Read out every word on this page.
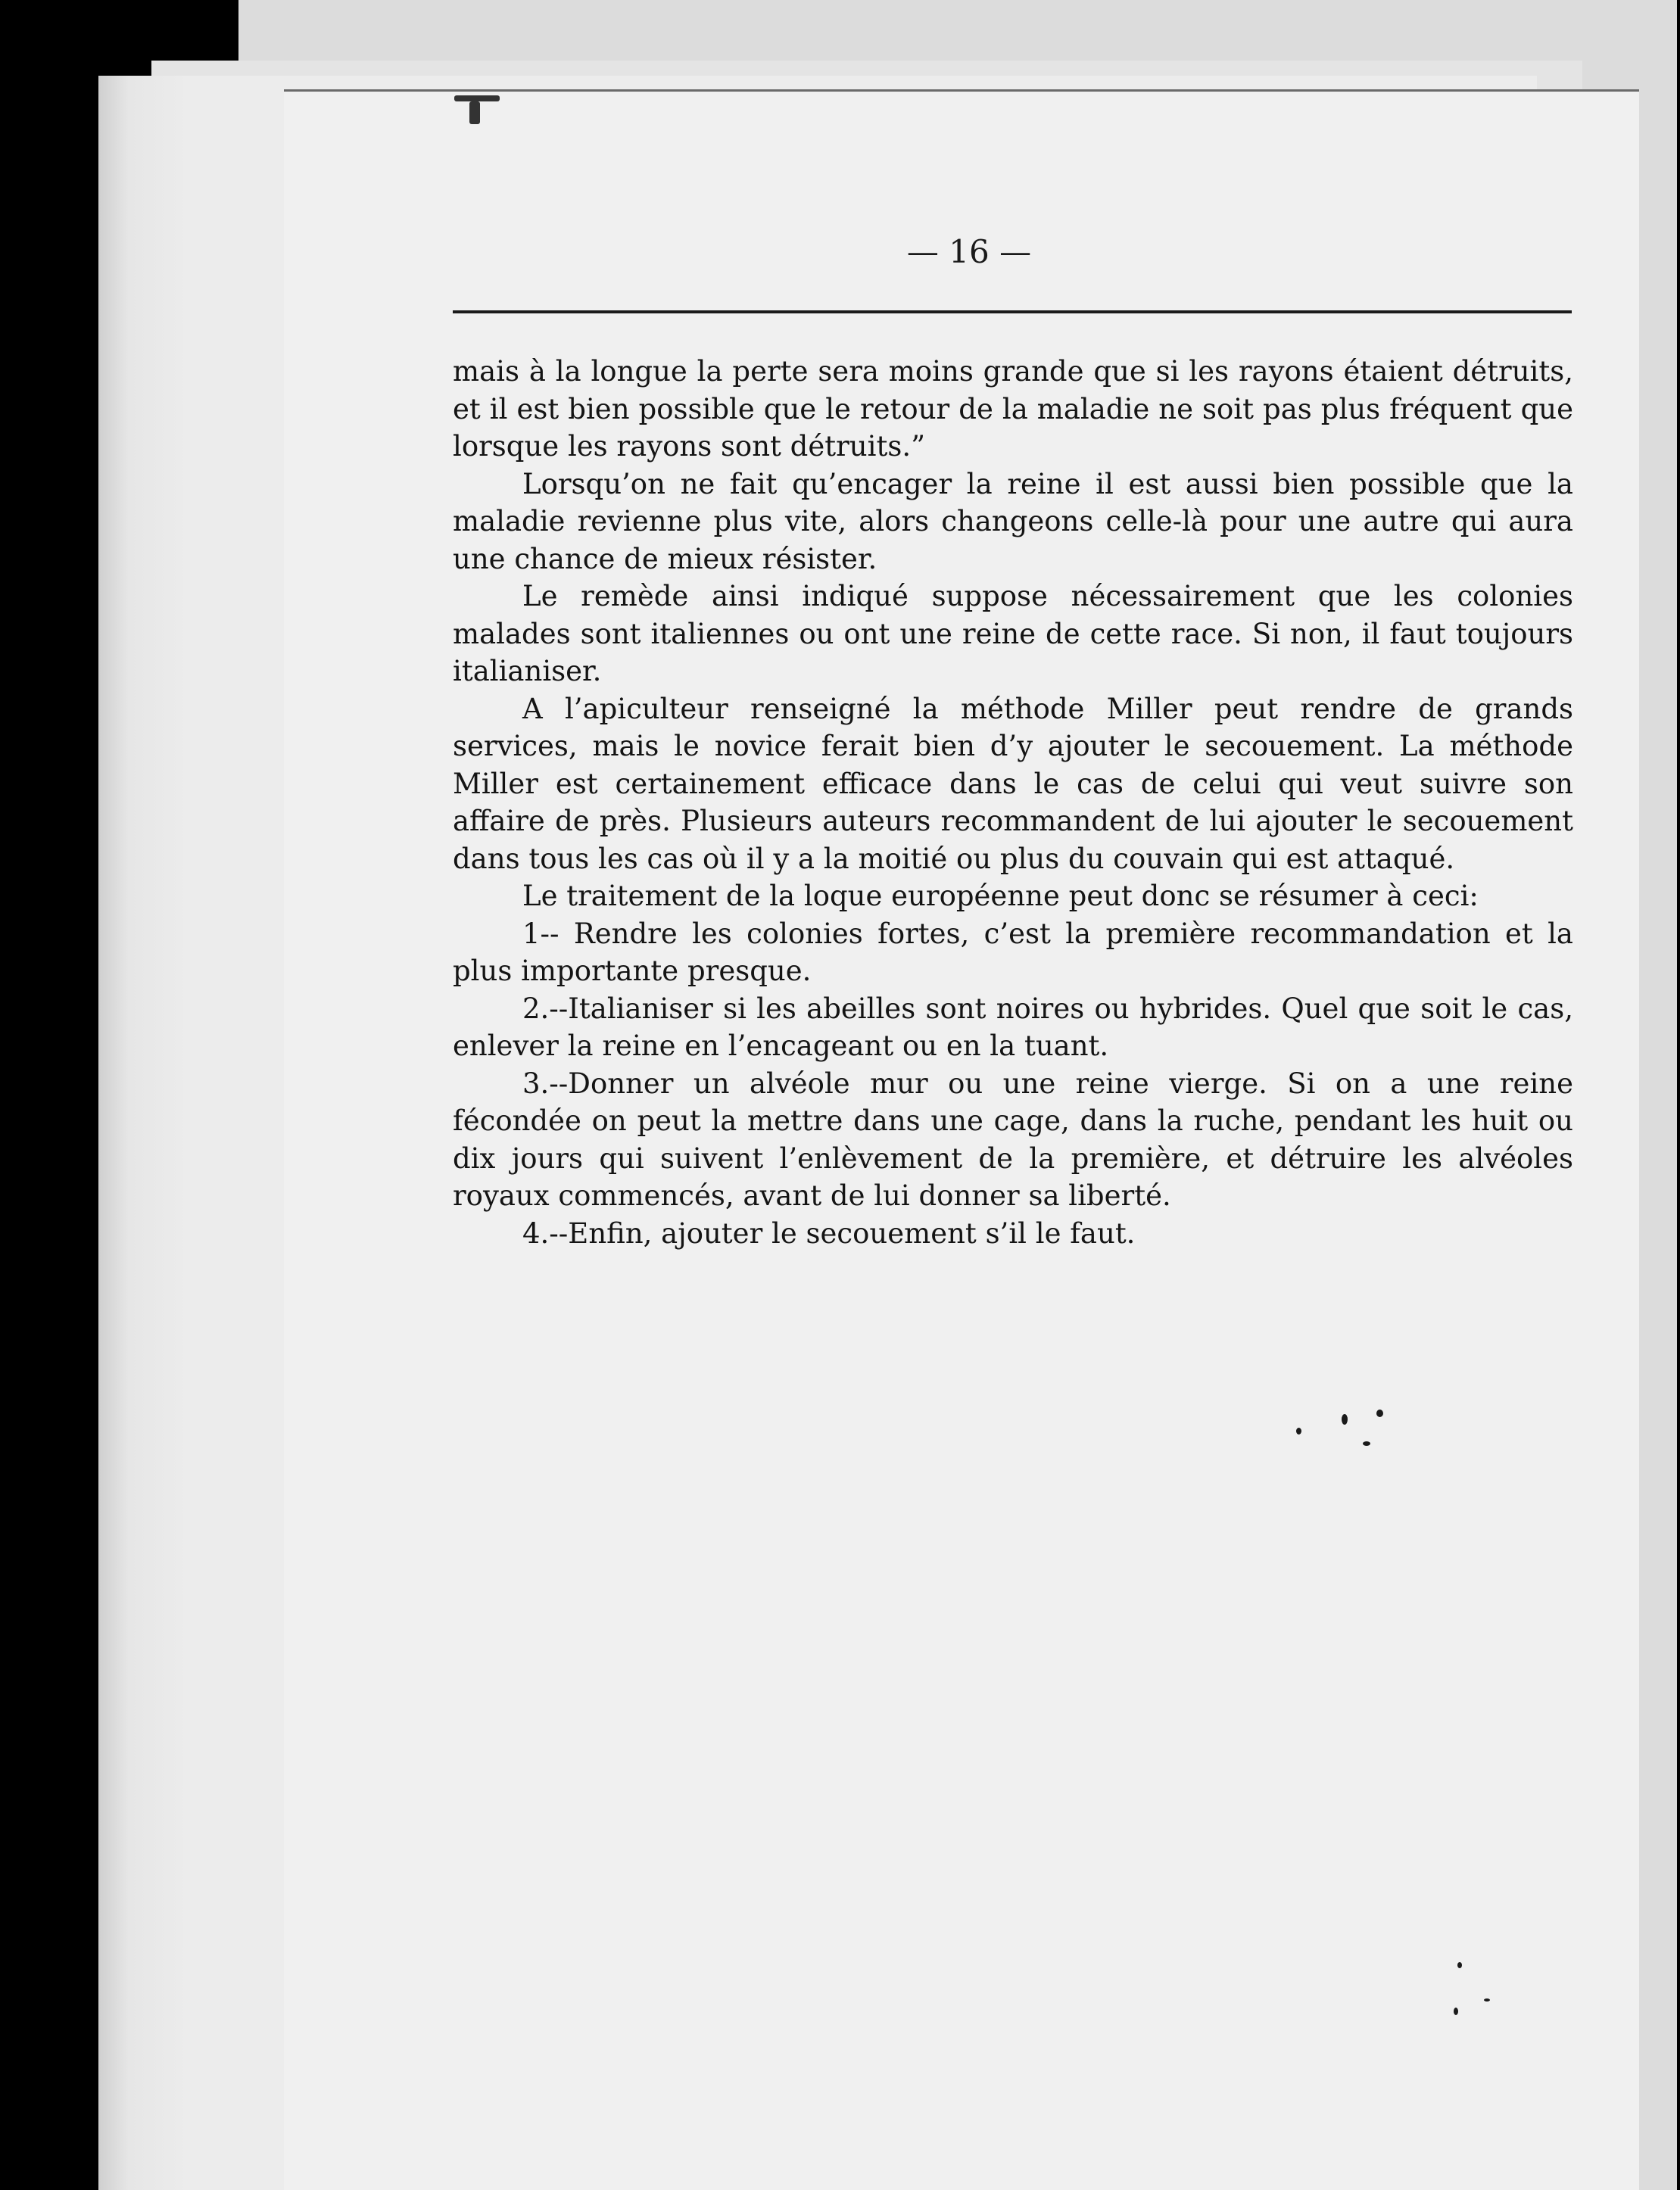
— 16 —

mais à la longue la perte sera moins grande que si les rayons étaient détruits, et il est bien possible que le retour de la maladie ne soit pas plus fréquent que lorsque les rayons sont détruits.”

Lorsqu’on ne fait qu’encager la reine il est aussi bien possible que la maladie revienne plus vite, alors changeons celle-là pour une autre qui aura une chance de mieux résister.

Le remède ainsi indiqué suppose nécessairement que les colonies malades sont italiennes ou ont une reine de cette race. Si non, il faut toujours italianiser.

A l’apiculteur renseigné la méthode Miller peut rendre de grands services, mais le novice ferait bien d’y ajouter le secouement. La méthode Miller est certainement efficace dans le cas de celui qui veut suivre son affaire de près. Plusieurs auteurs recommandent de lui ajouter le secouement dans tous les cas où il y a la moitié ou plus du couvain qui est attaqué.

Le traitement de la loque européenne peut donc se résumer à ceci:

1-- Rendre les colonies fortes, c’est la première recommandation et la plus importante presque.

2.--Italianiser si les abeilles sont noires ou hybrides. Quel que soit le cas, enlever la reine en l’encageant ou en la tuant.

3.--Donner un alvéole mur ou une reine vierge. Si on a une reine fécondée on peut la mettre dans une cage, dans la ruche, pendant les huit ou dix jours qui suivent l’enlèvement de la première, et détruire les alvéoles royaux commencés, avant de lui donner sa liberté.

4.--Enfin, ajouter le secouement s’il le faut.
